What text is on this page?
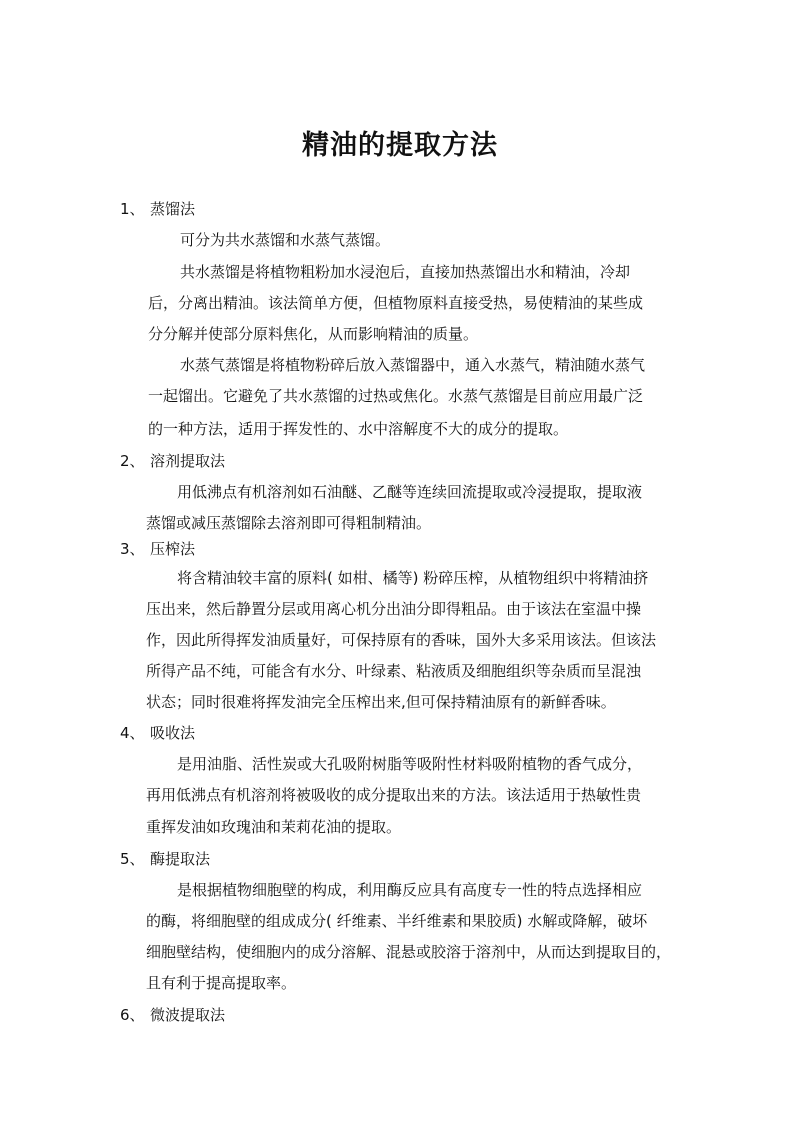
精油的提取方法
1、 蒸馏法
可分为共水蒸馏和水蒸气蒸馏。
共水蒸馏是将植物粗粉加水浸泡后，直接加热蒸馏出水和精油，冷却
后，分离出精油。该法简单方便，但植物原料直接受热，易使精油的某些成
分分解并使部分原料焦化，从而影响精油的质量。
水蒸气蒸馏是将植物粉碎后放入蒸馏器中，通入水蒸气，精油随水蒸气
一起馏出。它避免了共水蒸馏的过热或焦化。水蒸气蒸馏是目前应用最广泛
的一种方法，适用于挥发性的、水中溶解度不大的成分的提取。
2、 溶剂提取法
用低沸点有机溶剂如石油醚、乙醚等连续回流提取或冷浸提取，提取液
蒸馏或减压蒸馏除去溶剂即可得粗制精油。
3、 压榨法
将含精油较丰富的原料( 如柑、橘等) 粉碎压榨，从植物组织中将精油挤
压出来，然后静置分层或用离心机分出油分即得粗品。由于该法在室温中操
作，因此所得挥发油质量好，可保持原有的香味，国外大多采用该法。但该法
所得产品不纯，可能含有水分、叶绿素、粘液质及细胞组织等杂质而呈混浊
状态；同时很难将挥发油完全压榨出来,但可保持精油原有的新鲜香味。
4、 吸收法
是用油脂、活性炭或大孔吸附树脂等吸附性材料吸附植物的香气成分，
再用低沸点有机溶剂将被吸收的成分提取出来的方法。该法适用于热敏性贵
重挥发油如玫瑰油和茉莉花油的提取。
5、 酶提取法
是根据植物细胞壁的构成，利用酶反应具有高度专一性的特点选择相应
的酶，将细胞壁的组成成分( 纤维素、半纤维素和果胶质) 水解或降解，破坏
细胞壁结构，使细胞内的成分溶解、混悬或胶溶于溶剂中，从而达到提取目的，
且有利于提高提取率。
6、 微波提取法
